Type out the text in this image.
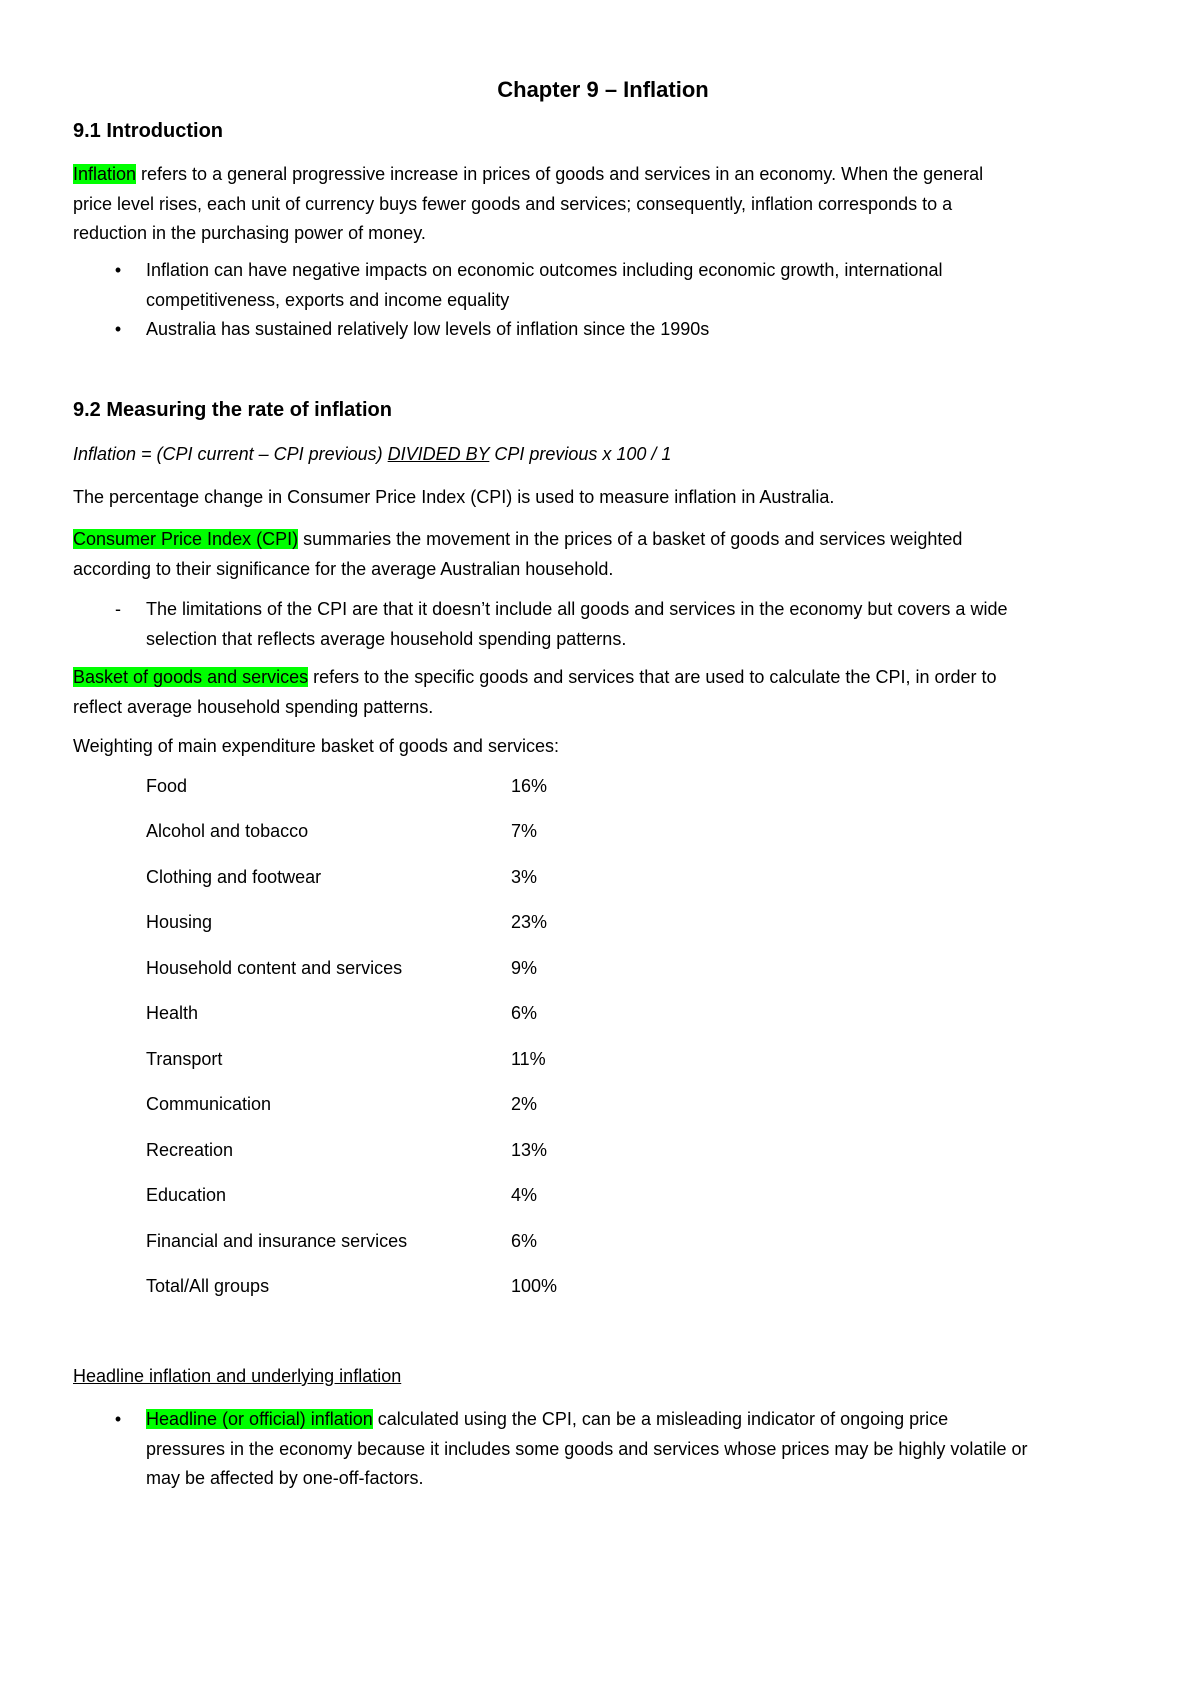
Chapter 9 – Inflation
9.1 Introduction

Inflation refers to a general progressive increase in prices of goods and services in an economy. When the general
price level rises, each unit of currency buys fewer goods and services; consequently, inflation corresponds to a
reduction in the purchasing power of money.

•	Inflation can have negative impacts on economic outcomes including economic growth, international
competitiveness, exports and income equality
•	Australia has sustained relatively low levels of inflation since the 1990s
9.2 Measuring the rate of inflation

Inflation = (CPI current – CPI previous) DIVIDED BY CPI previous x 100 / 1

The percentage change in Consumer Price Index (CPI) is used to measure inflation in Australia.

Consumer Price Index (CPI) summaries the movement in the prices of a basket of goods and services weighted
according to their significance for the average Australian household.

-	The limitations of the CPI are that it doesn’t include all goods and services in the economy but covers a wide
selection that reflects average household spending patterns.

Basket of goods and services refers to the specific goods and services that are used to calculate the CPI, in order to
reflect average household spending patterns.

Weighting of main expenditure basket of goods and services:

Food	16%
Alcohol and tobacco	7%
Clothing and footwear	3%
Housing	23%
Household content and services	9%
Health	6%
Transport	11%
Communication	2%
Recreation	13%
Education	4%
Financial and insurance services	6%
Total/All groups	100%

Headline inflation and underlying inflation

•	Headline (or official) inflation calculated using the CPI, can be a misleading indicator of ongoing price
pressures in the economy because it includes some goods and services whose prices may be highly volatile or
may be affected by one-off-factors.
